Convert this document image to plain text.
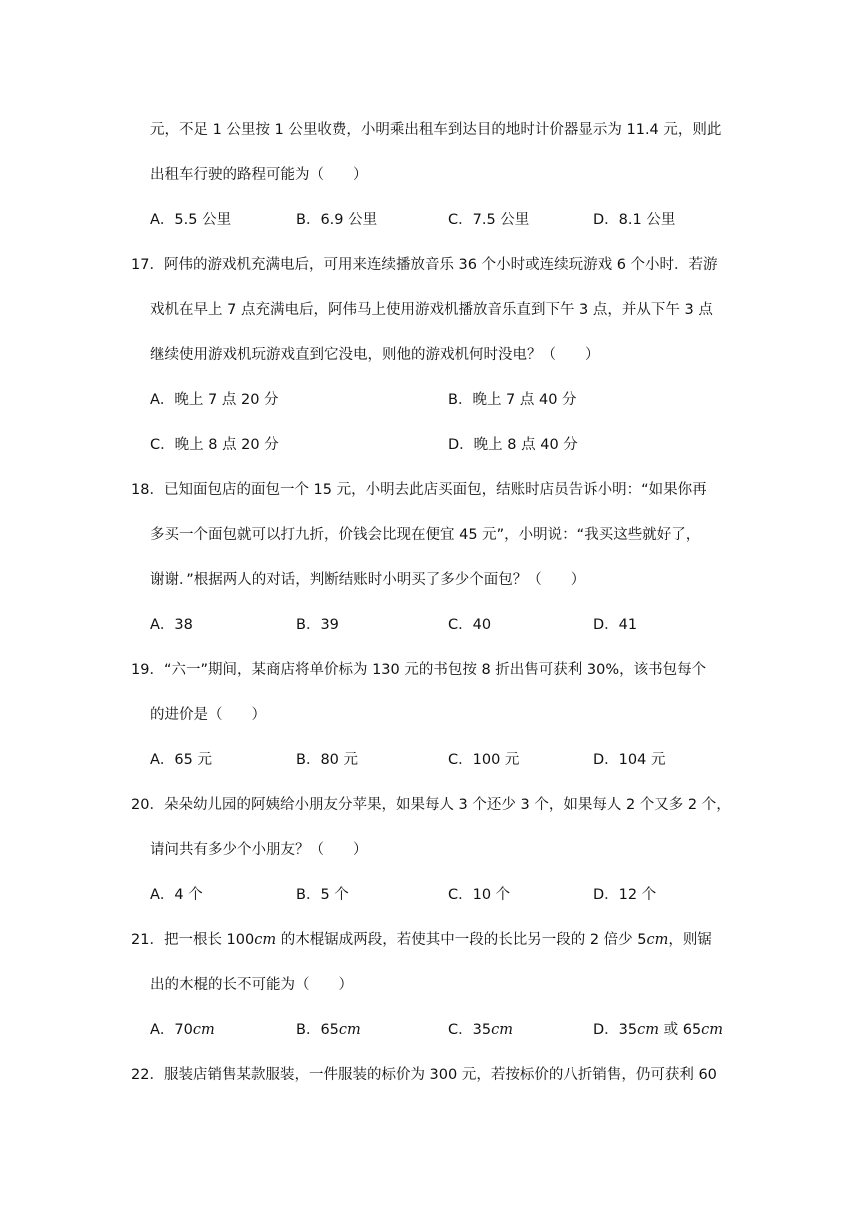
元，不足 1 公里按 1 公里收费，小明乘出租车到达目的地时计价器显示为 11.4 元，则此
出租车行驶的路程可能为（　　）
A．5.5 公里	B．6.9 公里	C．7.5 公里	D．8.1 公里
17．阿伟的游戏机充满电后，可用来连续播放音乐 36 个小时或连续玩游戏 6 个小时．若游
戏机在早上 7 点充满电后，阿伟马上使用游戏机播放音乐直到下午 3 点，并从下午 3 点
继续使用游戏机玩游戏直到它没电，则他的游戏机何时没电？（　　）
A．晚上 7 点 20 分	B．晚上 7 点 40 分
C．晚上 8 点 20 分	D．晚上 8 点 40 分
18．已知面包店的面包一个 15 元，小明去此店买面包，结账时店员告诉小明：“如果你再
多买一个面包就可以打九折，价钱会比现在便宜 45 元”，小明说：“我买这些就好了，
谢谢．”根据两人的对话，判断结账时小明买了多少个面包？（　　）
A．38	B．39	C．40	D．41
19．“六一”期间，某商店将单价标为 130 元的书包按 8 折出售可获利 30%，该书包每个
的进价是（　　）
A．65 元	B．80 元	C．100 元	D．104 元
20．朵朵幼儿园的阿姨给小朋友分苹果，如果每人 3 个还少 3 个，如果每人 2 个又多 2 个，
请问共有多少个小朋友？（　　）
A．4 个	B．5 个	C．10 个	D．12 个
21．把一根长 100cm 的木棍锯成两段，若使其中一段的长比另一段的 2 倍少 5cm，则锯
出的木棍的长不可能为（　　）
A．70cm	B．65cm	C．35cm	D．35cm 或 65cm
22．服装店销售某款服装，一件服装的标价为 300 元，若按标价的八折销售，仍可获利 60
